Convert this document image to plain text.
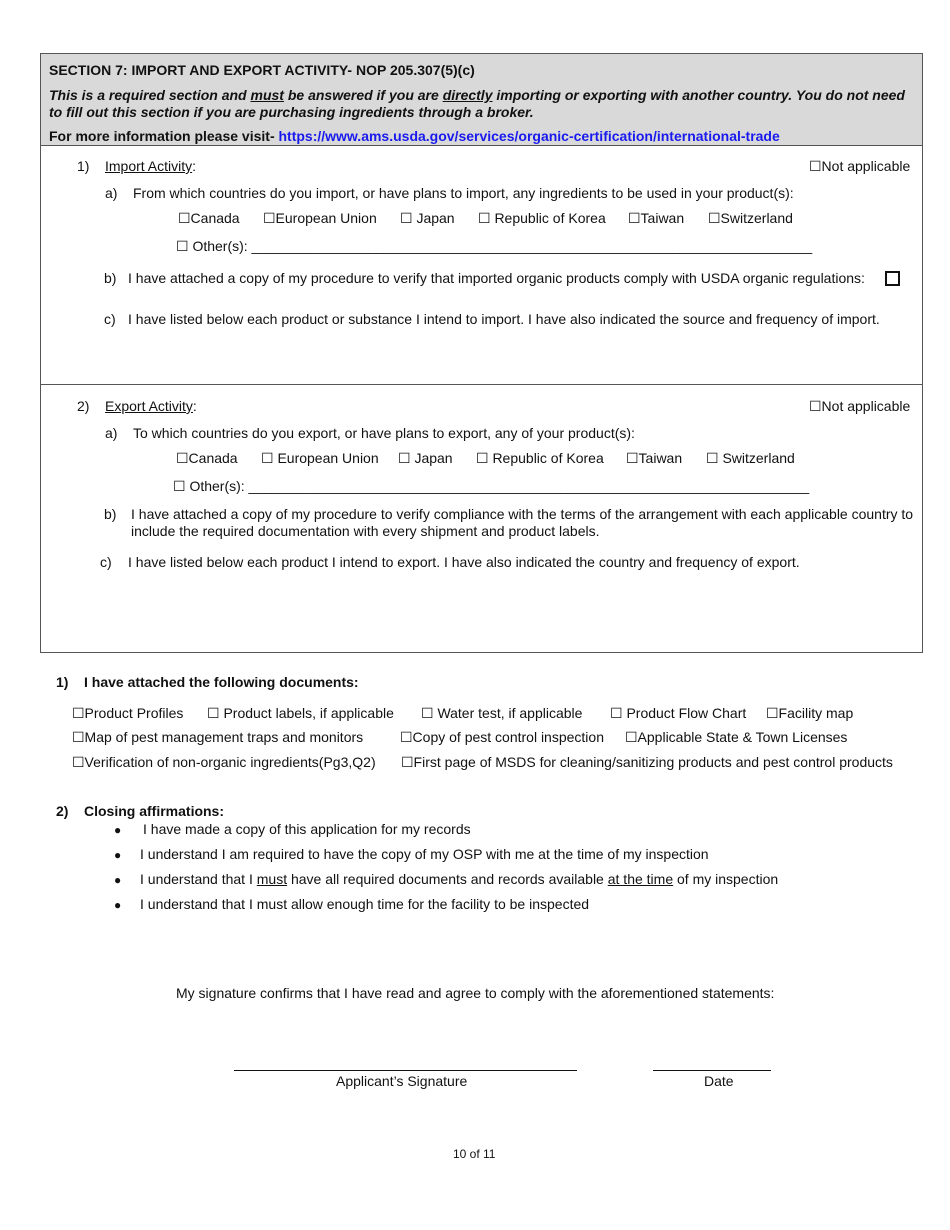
SECTION 7: IMPORT AND EXPORT ACTIVITY- NOP 205.307(5)(c)
This is a required section and must be answered if you are directly importing or exporting with another country. You do not need
to fill out this section if you are purchasing ingredients through a broker.
For more information please visit- https://www.ams.usda.gov/services/organic-certification/international-trade
1) Import Activity:	☐Not applicable
a) From which countries do you import, or have plans to import, any ingredients to be used in your product(s):
☐Canada ☐European Union ☐ Japan ☐ Republic of Korea ☐Taiwan ☐Switzerland
☐ Other(s): ________________________________________________________________________
b) I have attached a copy of my procedure to verify that imported organic products comply with USDA organic regulations:
c) I have listed below each product or substance I intend to import. I have also indicated the source and frequency of import.
2) Export Activity:	☐Not applicable
a) To which countries do you export, or have plans to export, any of your product(s):
☐Canada ☐ European Union ☐ Japan ☐ Republic of Korea ☐Taiwan ☐ Switzerland
☐ Other(s): ________________________________________________________________________
b) I have attached a copy of my procedure to verify compliance with the terms of the arrangement with each applicable country to
include the required documentation with every shipment and product labels.
c) I have listed below each product I intend to export. I have also indicated the country and frequency of export.
1) I have attached the following documents:
☐Product Profiles ☐ Product labels, if applicable ☐ Water test, if applicable ☐ Product Flow Chart ☐Facility map
☐Map of pest management traps and monitors	☐Copy of pest control inspection ☐Applicable State & Town Licenses
☐Verification of non-organic ingredients(Pg3,Q2) ☐First page of MSDS for cleaning/sanitizing products and pest control products
2) Closing affirmations:
● I have made a copy of this application for my records
● I understand I am required to have the copy of my OSP with me at the time of my inspection
● I understand that I must have all required documents and records available at the time of my inspection
● I understand that I must allow enough time for the facility to be inspected
My signature confirms that I have read and agree to comply with the aforementioned statements:
Applicant’s Signature	Date
10 of 11
